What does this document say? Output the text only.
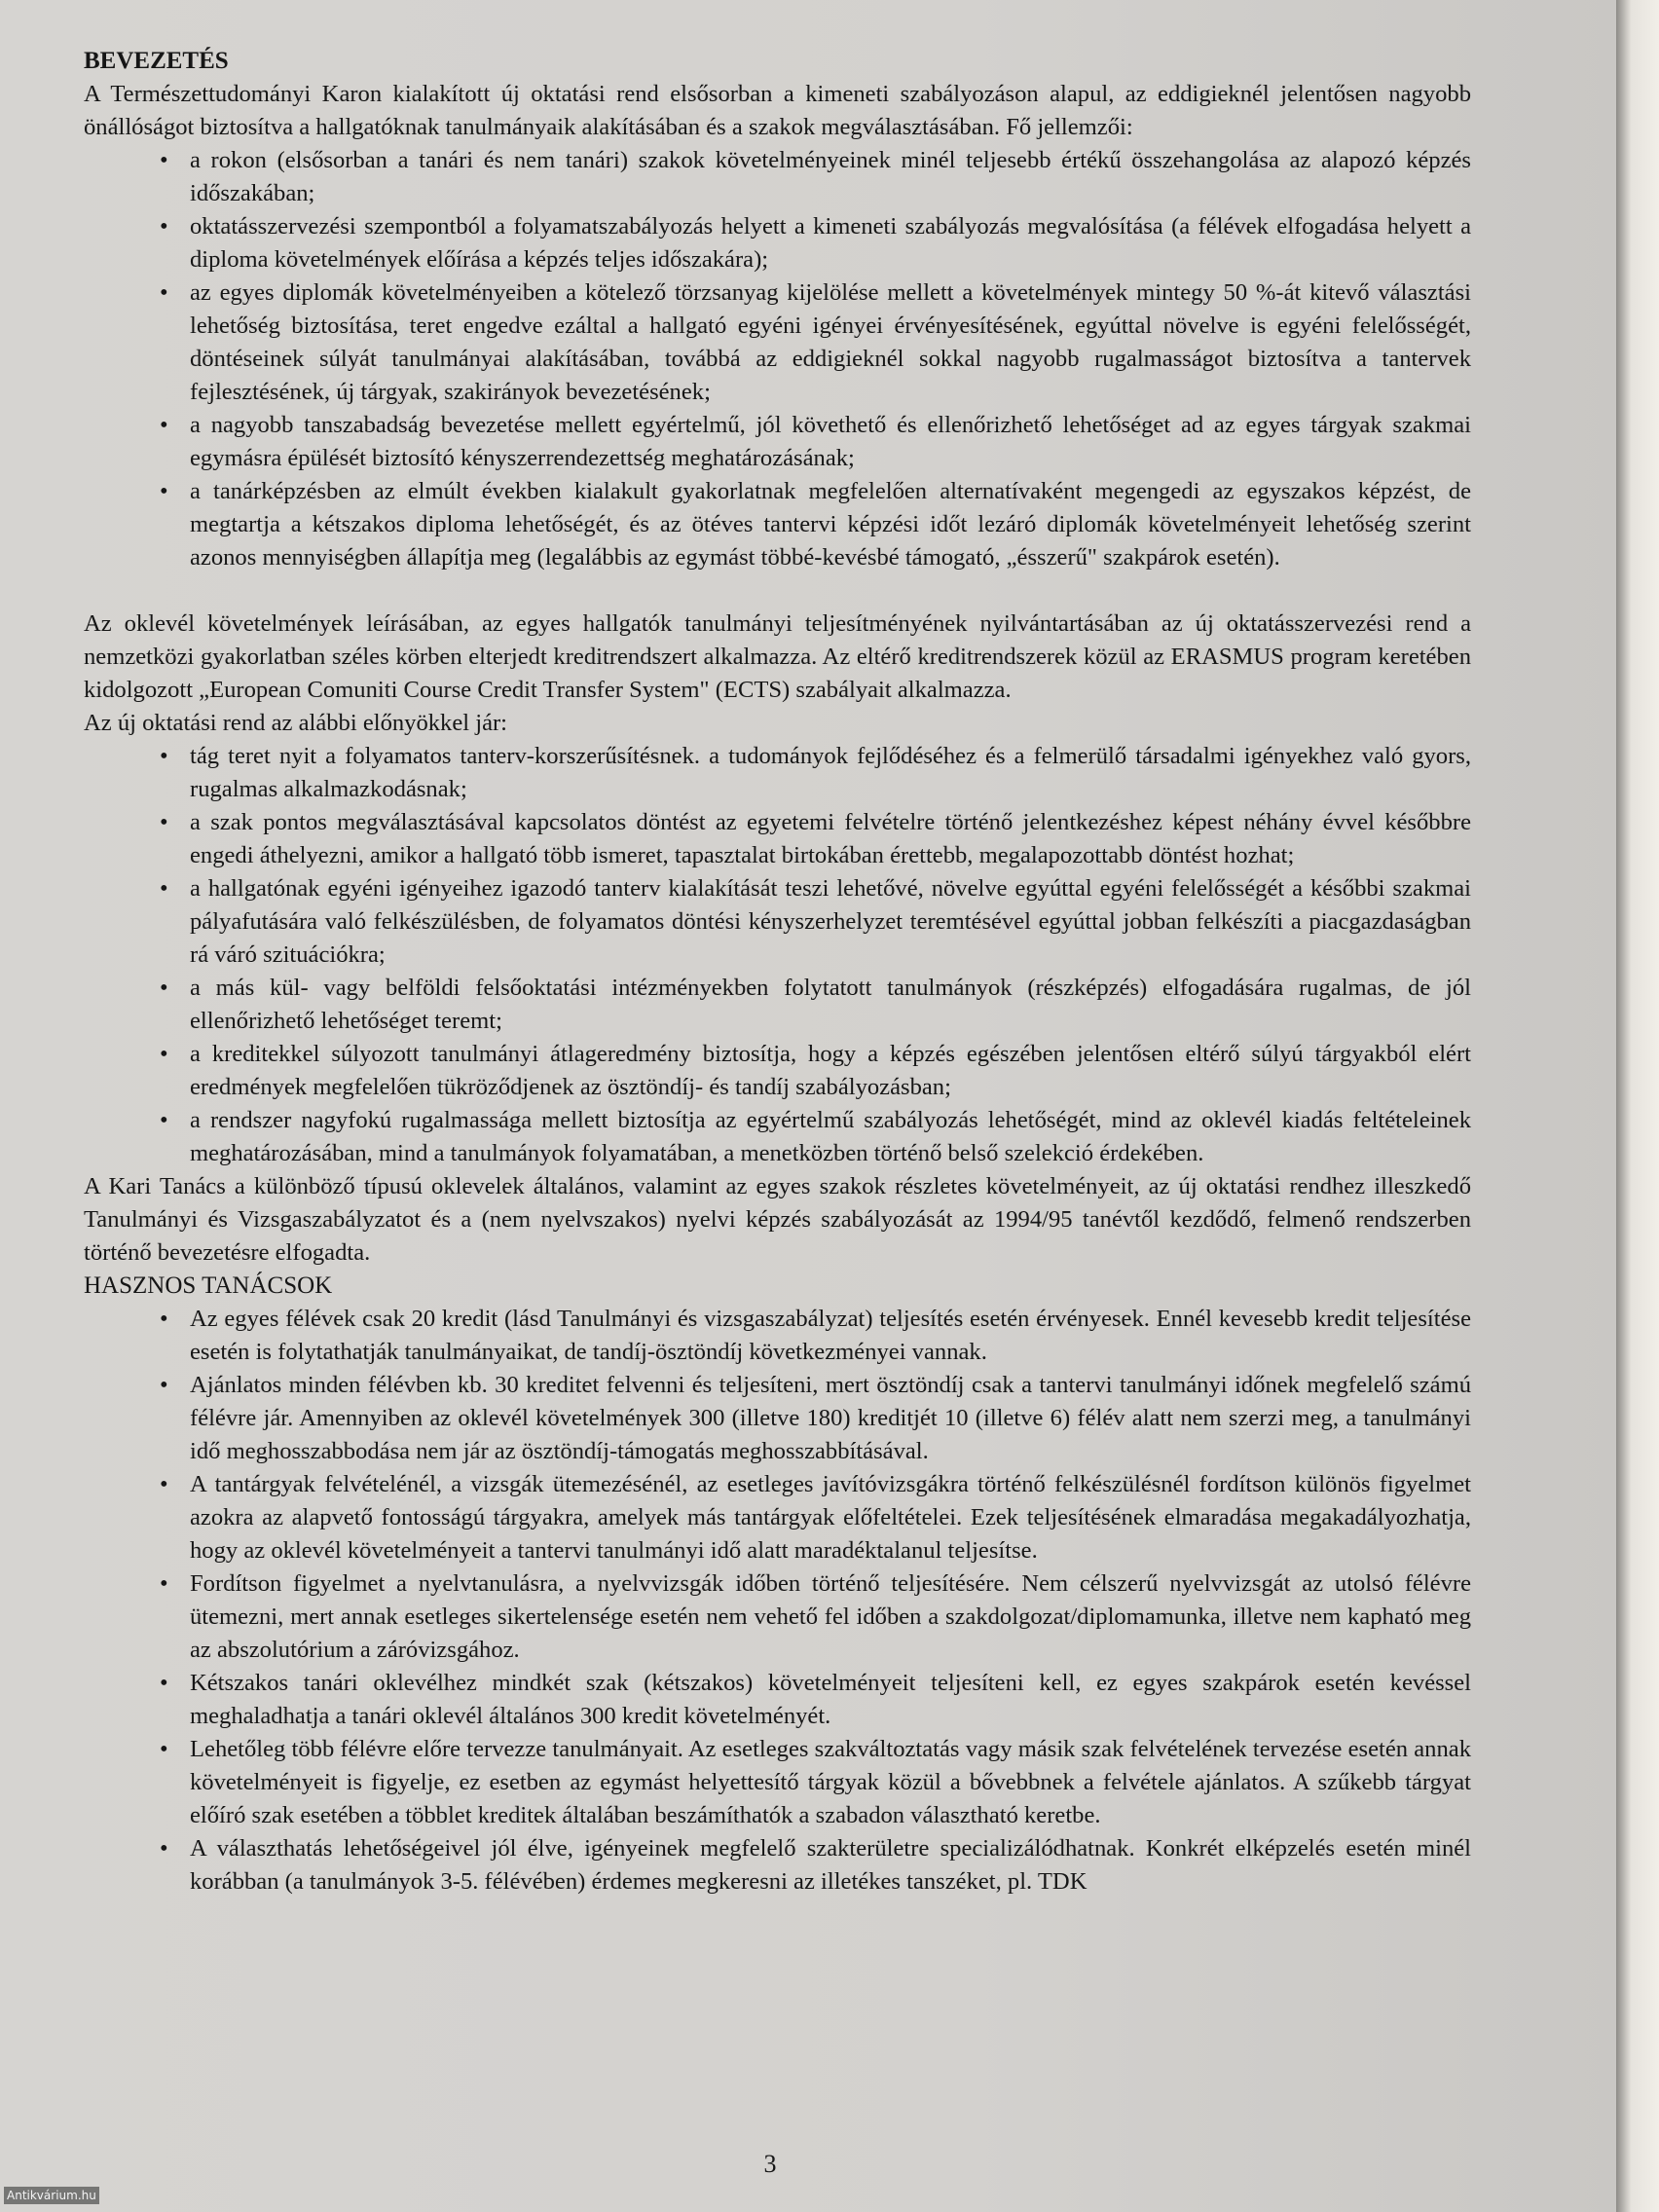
BEVEZETÉS

A Természettudományi Karon kialakított új oktatási rend elsősorban a kimeneti szabályozáson alapul, az eddigieknél jelentősen nagyobb önállóságot biztosítva a hallgatóknak tanulmányaik alakításában és a szakok megválasztásában. Fő jellemzői:

• a rokon (elsősorban a tanári és nem tanári) szakok követelményeinek minél teljesebb értékű összehangolása az alapozó képzés időszakában;
• oktatásszervezési szempontból a folyamatszabályozás helyett a kimeneti szabályozás megvalósítása (a félévek elfogadása helyett a diploma követelmények előírása a képzés teljes időszakára);
• az egyes diplomák követelményeiben a kötelező törzsanyag kijelölése mellett a követelmények mintegy 50 %-át kitevő választási lehetőség biztosítása, teret engedve ezáltal a hallgató egyéni igényei érvényesítésének, egyúttal növelve is egyéni felelősségét, döntéseinek súlyát tanulmányai alakításában, továbbá az eddigieknél sokkal nagyobb rugalmasságot biztosítva a tantervek fejlesztésének, új tárgyak, szakirányok bevezetésének;
• a nagyobb tanszabadság bevezetése mellett egyértelmű, jól követhető és ellenőrizhető lehetőséget ad az egyes tárgyak szakmai egymásra épülését biztosító kényszerrendezettség meghatározásának;
• a tanárképzésben az elmúlt években kialakult gyakorlatnak megfelelően alternatívaként megengedi az egyszakos képzést, de megtartja a kétszakos diploma lehetőségét, és az ötéves tantervi képzési időt lezáró diplomák követelményeit lehetőség szerint azonos mennyiségben állapítja meg (legalábbis az egymást többé-kevésbé támogató, „ésszerű" szakpárok esetén).

Az oklevél követelmények leírásában, az egyes hallgatók tanulmányi teljesítményének nyilvántartásában az új oktatásszervezési rend a nemzetközi gyakorlatban széles körben elterjedt kreditrendszert alkalmazza. Az eltérő kreditrendszerek közül az ERASMUS program keretében kidolgozott „European Comuniti Course Credit Transfer System" (ECTS) szabályait alkalmazza.

Az új oktatási rend az alábbi előnyökkel jár:

• tág teret nyit a folyamatos tanterv-korszerűsítésnek. a tudományok fejlődéséhez és a felmerülő társadalmi igényekhez való gyors, rugalmas alkalmazkodásnak;
• a szak pontos megválasztásával kapcsolatos döntést az egyetemi felvételre történő jelentkezéshez képest néhány évvel későbbre engedi áthelyezni, amikor a hallgató több ismeret, tapasztalat birtokában érettebb, megalapozottabb döntést hozhat;
• a hallgatónak egyéni igényeihez igazodó tanterv kialakítását teszi lehetővé, növelve egyúttal egyéni felelősségét a későbbi szakmai pályafutására való felkészülésben, de folyamatos döntési kényszerhelyzet teremtésével egyúttal jobban felkészíti a piacgazdaságban rá váró szituációkra;
• a más kül- vagy belföldi felsőoktatási intézményekben folytatott tanulmányok (részképzés) elfogadására rugalmas, de jól ellenőrizhető lehetőséget teremt;
• a kreditekkel súlyozott tanulmányi átlageredmény biztosítja, hogy a képzés egészében jelentősen eltérő súlyú tárgyakból elért eredmények megfelelően tükröződjenek az ösztöndíj- és tandíj szabályozásban;
• a rendszer nagyfokú rugalmassága mellett biztosítja az egyértelmű szabályozás lehetőségét, mind az oklevél kiadás feltételeinek meghatározásában, mind a tanulmányok folyamatában, a menetközben történő belső szelekció érdekében.

A Kari Tanács a különböző típusú oklevelek általános, valamint az egyes szakok részletes követelményeit, az új oktatási rendhez illeszkedő Tanulmányi és Vizsgaszabályzatot és a (nem nyelvszakos) nyelvi képzés szabályozását az 1994/95 tanévtől kezdődő, felmenő rendszerben történő bevezetésre elfogadta.

HASZNOS TANÁCSOK
• Az egyes félévek csak 20 kredit (lásd Tanulmányi és vizsgaszabályzat) teljesítés esetén érvényesek. Ennél kevesebb kredit teljesítése esetén is folytathatják tanulmányaikat, de tandíj-ösztöndíj következményei vannak.
• Ajánlatos minden félévben kb. 30 kreditet felvenni és teljesíteni, mert ösztöndíj csak a tantervi tanulmányi időnek megfelelő számú félévre jár. Amennyiben az oklevél követelmények 300 (illetve 180) kreditjét 10 (illetve 6) félév alatt nem szerzi meg, a tanulmányi idő meghosszabbodása nem jár az ösztöndíj-támogatás meghosszabbításával.
• A tantárgyak felvételénél, a vizsgák ütemezésénél, az esetleges javítóvizsgákra történő felkészülésnél fordítson különös figyelmet azokra az alapvető fontosságú tárgyakra, amelyek más tantárgyak előfeltételei. Ezek teljesítésének elmaradása megakadályozhatja, hogy az oklevél követelményeit a tantervi tanulmányi idő alatt maradéktalanul teljesítse.
• Fordítson figyelmet a nyelvtanulásra, a nyelvvizsgák időben történő teljesítésére. Nem célszerű nyelvvizsgát az utolsó félévre ütemezni, mert annak esetleges sikertelensége esetén nem vehető fel időben a szakdolgozat/diplomamunka, illetve nem kapható meg az abszolutórium a záróvizsgához.
• Kétszakos tanári oklevélhez mindkét szak (kétszakos) követelményeit teljesíteni kell, ez egyes szakpárok esetén kevéssel meghaladhatja a tanári oklevél általános 300 kredit követelményét.
• Lehetőleg több félévre előre tervezze tanulmányait. Az esetleges szakváltoztatás vagy másik szak felvételének tervezése esetén annak követelményeit is figyelje, ez esetben az egymást helyettesítő tárgyak közül a bővebbnek a felvétele ajánlatos. A szűkebb tárgyat előíró szak esetében a többlet kreditek általában beszámíthatók a szabadon választható keretbe.
• A választhatás lehetőségeivel jól élve, igényeinek megfelelő szakterületre specializálódhatnak. Konkrét elképzelés esetén minél korábban (a tanulmányok 3-5. félévében) érdemes megkeresni az illetékes tanszéket, pl. TDK
3
Antikvárium.hu
